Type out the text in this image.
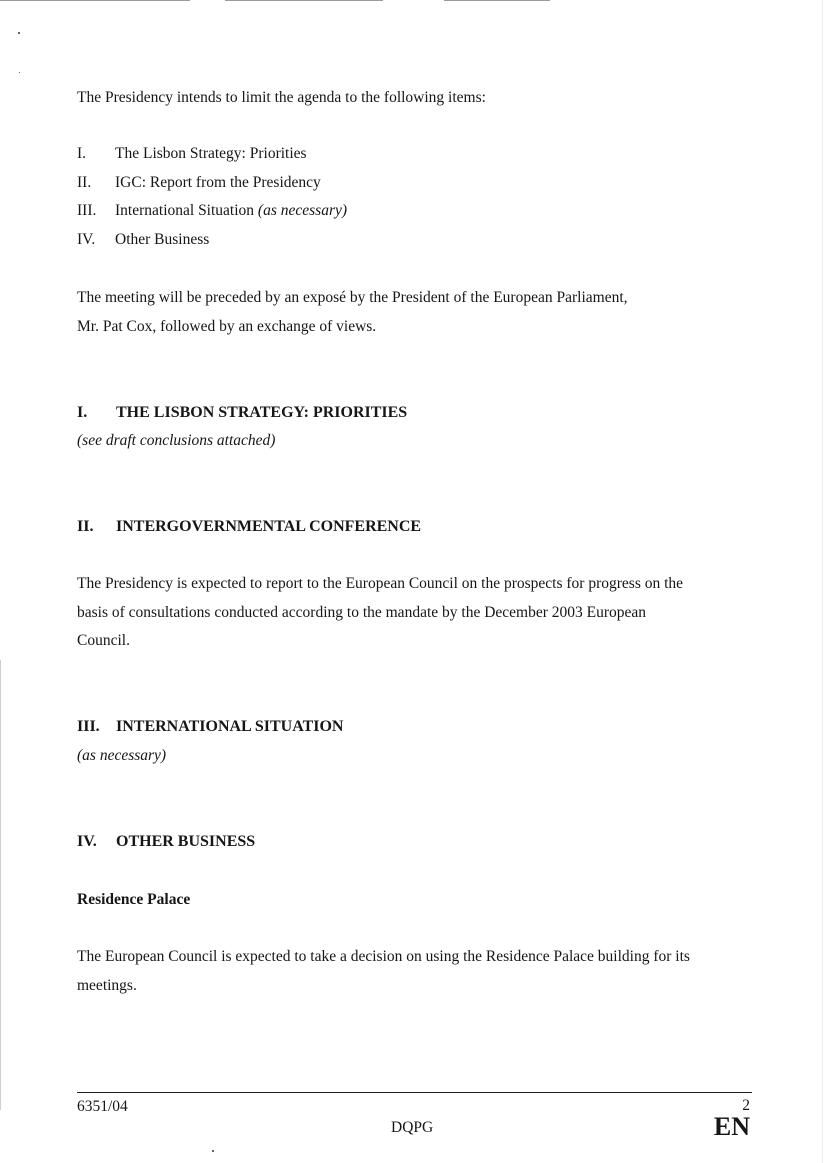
The Presidency intends to limit the agenda to the following items:
I. The Lisbon Strategy: Priorities
II. IGC: Report from the Presidency
III. International Situation (as necessary)
IV. Other Business
The meeting will be preceded by an exposé by the President of the European Parliament,
Mr. Pat Cox, followed by an exchange of views.
I. THE LISBON STRATEGY: PRIORITIES
(see draft conclusions attached)
II. INTERGOVERNMENTAL CONFERENCE
The Presidency is expected to report to the European Council on the prospects for progress on the
basis of consultations conducted according to the mandate by the December 2003 European
Council.
III. INTERNATIONAL SITUATION
(as necessary)
IV. OTHER BUSINESS
Residence Palace
The European Council is expected to take a decision on using the Residence Palace building for its
meetings.
6351/04
DQPG
2
EN
